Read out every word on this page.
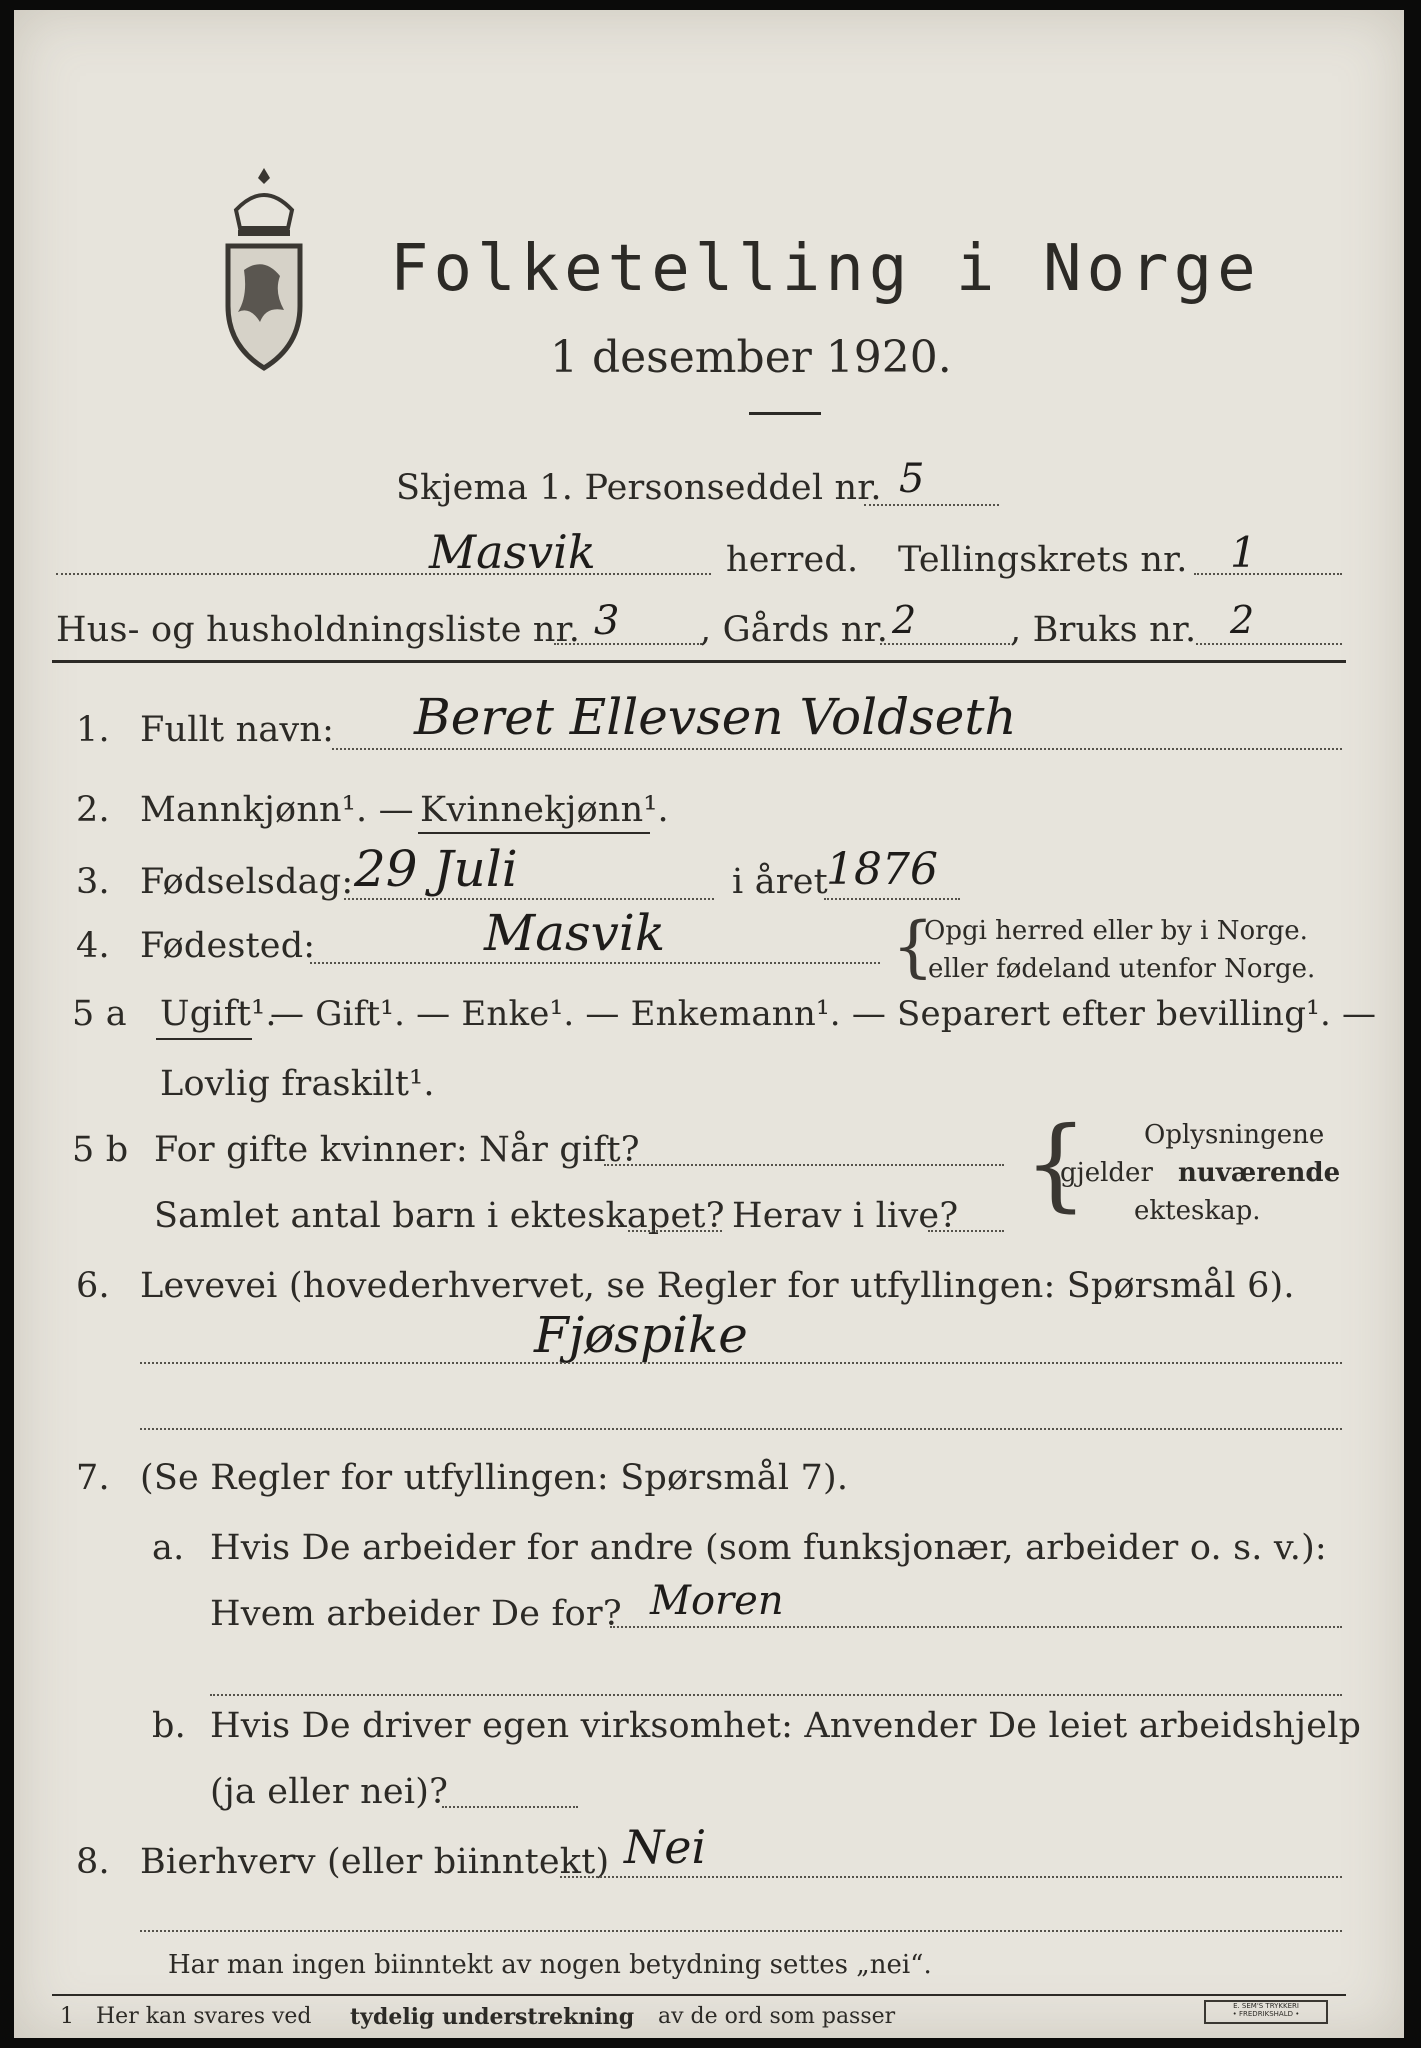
Folketelling i Norge
1 desember 1920.
Skjema 1. Personseddel nr. 5
Masvik	herred. Tellingskrets nr. 1
Hus- og husholdningsliste nr. 3 , Gårds nr. 2	, Bruks nr. 2
1. Fullt navn: Beret Ellevsen Voldseth
2. Mannkjønn¹. — Kvinnekjønn¹.
3. Fødselsdag: 29 Juli	i året
1876
4. Fødested:	Masvik	{
Opgi herred eller by i Norge.
eller fødeland utenfor Norge.
5 a Ugift¹.
— Gift¹. — Enke¹. — Enkemann¹. — Separert efter bevilling¹. —
Lovlig fraskilt¹.
5 b For gifte kvinner: Når gift?
Samlet antal barn i ekteskapet? Herav i live? { Oplysningene
gjelder nuværende
ekteskap.
6. Levevei (hovederhvervet, se Regler for utfyllingen: Spørsmål 6).
Fjøspike
7. (Se Regler for utfyllingen: Spørsmål 7).
a. Hvis De arbeider for andre (som funksjonær, arbeider o. s. v.):
Hvem arbeider De for? Moren
b. Hvis De driver egen virksomhet: Anvender De leiet arbeidshjelp
(ja eller nei)?
8. Bierhverv (eller biinntekt) Nei
Har man ingen biinntekt av nogen betydning settes „nei“.
1 Her kan svares ved tydelig understrekning av de ord som passer	E. SEM'S TRYKKERI
• FREDRIKSHALD •
